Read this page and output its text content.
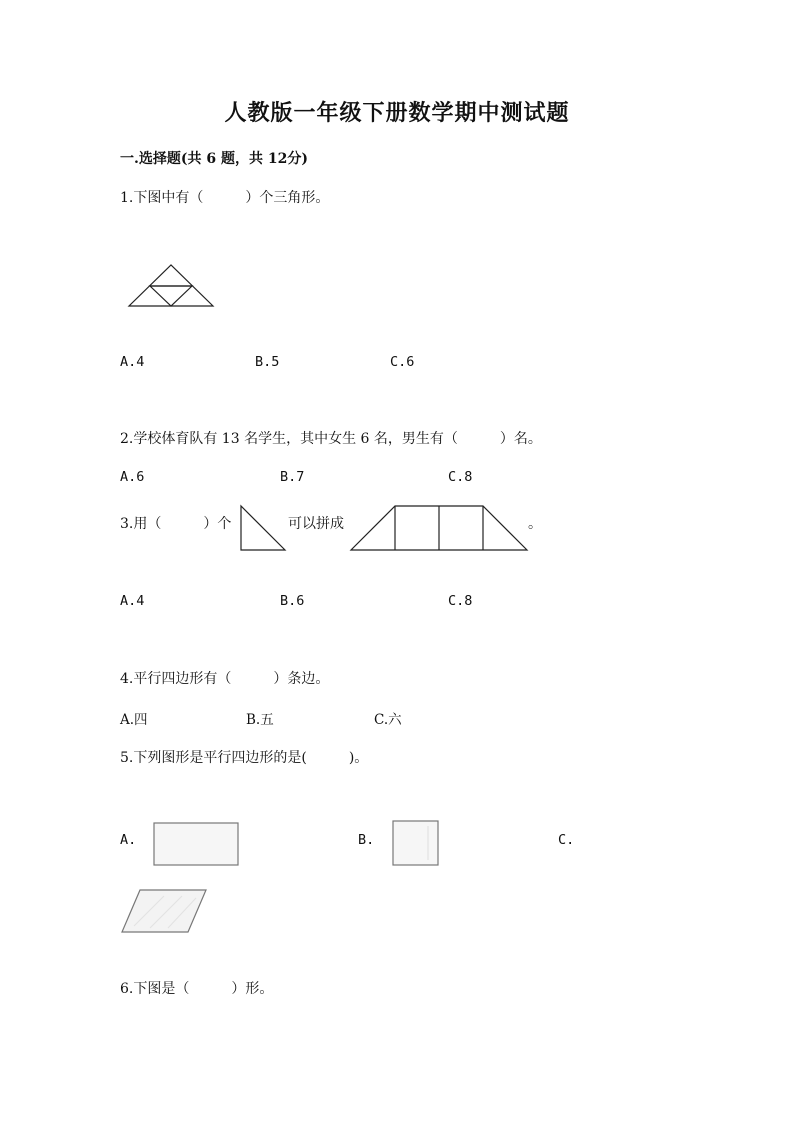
人教版一年级下册数学期中测试题
一.选择题(共 6 题，共 12分)
1.下图中有（　　　）个三角形。
A.4	B.5	C.6
2.学校体育队有 13 名学生，其中女生 6 名，男生有（　　　）名。
A.6	B.7	C.8
3.用（　　　）个	可以拼成	。
A.4	B.6	C.8
4.平行四边形有（　　　）条边。
A.四	B.五	C.六
5.下列图形是平行四边形的是(　　　)。
A.	B.	C.
6.下图是（　　　）形。
